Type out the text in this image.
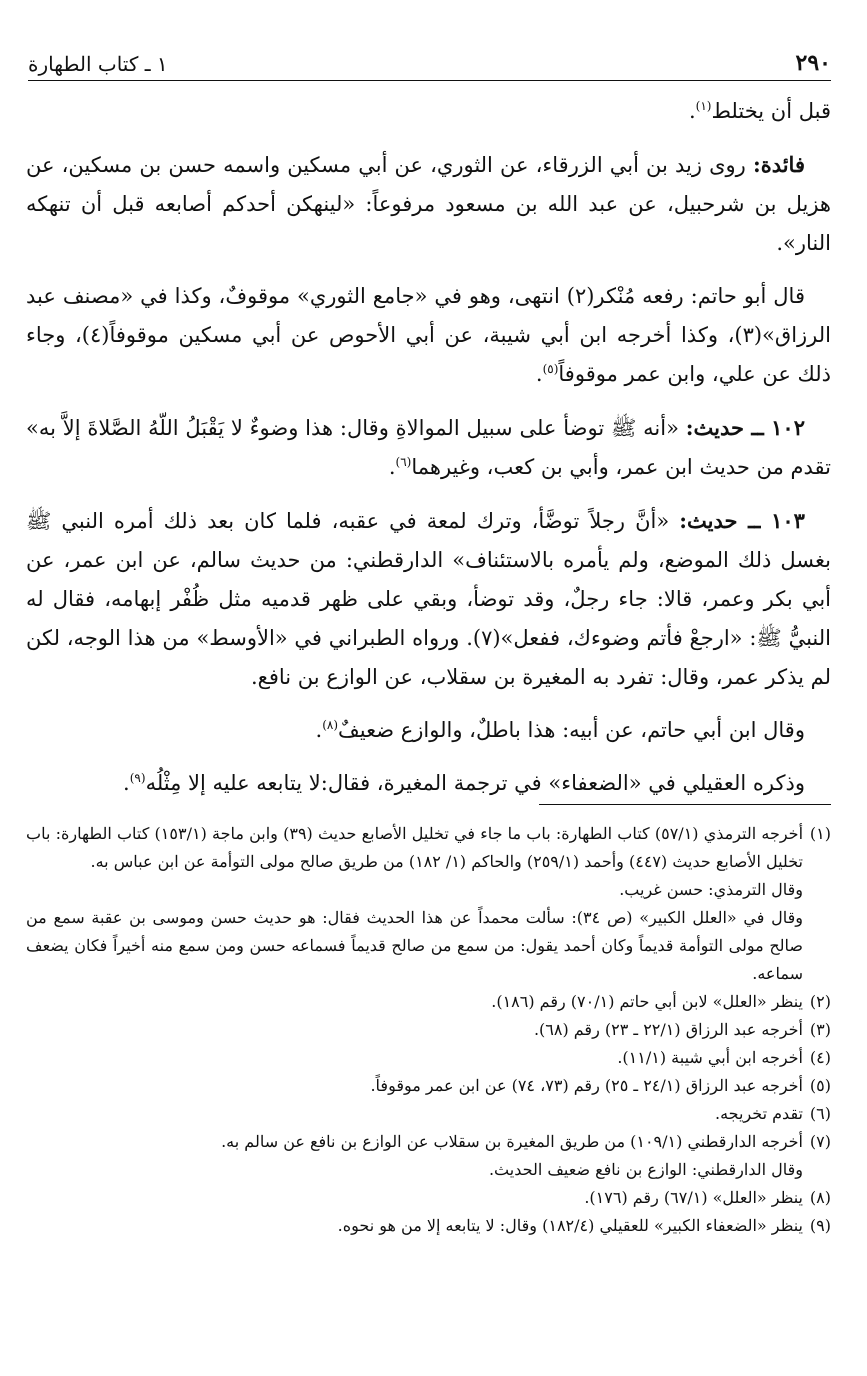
٢٩٠
١ ـ كتاب الطهارة

قبل أن يختلط$^{(١)}$.

فائدة: روى زيد بن أبي الزرقاء، عن الثوري، عن أبي مسكين واسمه حسن بن مسكين، عن هزيل بن شرحبيل، عن عبد الله بن مسعود مرفوعاً: «لينهكن أحدكم أصابعه قبل أن تنهكه النار».

قال أبو حاتم: رفعه مُنْكر(٢) انتهى، وهو في «جامع الثوري» موقوفٌ، وكذا في «مصنف عبد الرزاق»(٣)، وكذا أخرجه ابن أبي شيبة، عن أبي الأحوص عن أبي مسكين موقوفاً(٤)، وجاء ذلك عن علي، وابن عمر موقوفاً$^{(٥)}$.

١٠٢ ــ حديث: «أنه ﷺ توضأ على سبيل الموالاةِ وقال: هذا وضوءٌ لا يَقْبَلُ اللّهُ الصَّلاةَ إلاَّ به» تقدم من حديث ابن عمر، وأبي بن كعب، وغيرهما$^{(٦)}$.

١٠٣ ــ حديث: «أنَّ رجلاً توضَّأ، وترك لمعة في عقبه، فلما كان بعد ذلك أمره النبي ﷺ بغسل ذلك الموضع، ولم يأمره بالاستئناف» الدارقطني: من حديث سالم، عن ابن عمر، عن أبي بكر وعمر، قالا: جاء رجلٌ، وقد توضأ، وبقي على ظهر قدميه مثل ظُفْر إبهامه، فقال له النبيُّ ﷺ: «ارجعْ فأتم وضوءك، ففعل»(٧). ورواه الطبراني في «الأوسط» من هذا الوجه، لكن لم يذكر عمر، وقال: تفرد به المغيرة بن سقلاب، عن الوازع بن نافع.

وقال ابن أبي حاتم، عن أبيه: هذا باطلٌ، والوازع ضعيفٌ$^{(٨)}$.

وذكره العقيلي في «الضعفاء» في ترجمة المغيرة، فقال:لا يتابعه عليه إلا مِثْلُه$^{(٩)}$.

(١)
أخرجه الترمذي (٥٧/١) كتاب الطهارة: باب ما جاء في تخليل الأصابع حديث (٣٩) وابن ماجة (١٥٣/١) كتاب الطهارة: باب تخليل الأصابع حديث (٤٤٧) وأحمد (٢٥٩/١) والحاكم (١/ ١٨٢) من طريق صالح مولى التوأمة عن ابن عباس به.

وقال الترمذي: حسن غريب.

وقال في «العلل الكبير» (ص ٣٤): سألت محمداً عن هذا الحديث فقال: هو حديث حسن وموسى بن عقبة سمع من صالح مولى التوأمة قديماً وكان أحمد يقول: من سمع من صالح قديماً فسماعه حسن ومن سمع منه أخيراً فكان يضعف سماعه.

(٢)
ينظر «العلل» لابن أبي حاتم (٧٠/١) رقم (١٨٦).
(٣)
أخرجه عبد الرزاق (٢٢/١ ـ ٢٣) رقم (٦٨).
(٤)
أخرجه ابن أبي شيبة (١١/١).
(٥)
أخرجه عبد الرزاق (٢٤/١ ـ ٢٥) رقم (٧٣، ٧٤) عن ابن عمر موقوفاً.
(٦)
تقدم تخريجه.
(٧)
أخرجه الدارقطني (١٠٩/١) من طريق المغيرة بن سقلاب عن الوازع بن نافع عن سالم به.

وقال الدارقطني: الوازع بن نافع ضعيف الحديث.

(٨)
ينظر «العلل» (٦٧/١) رقم (١٧٦).
(٩)
ينظر «الضعفاء الكبير» للعقيلي (١٨٢/٤) وقال: لا يتابعه إلا من هو نحوه.
